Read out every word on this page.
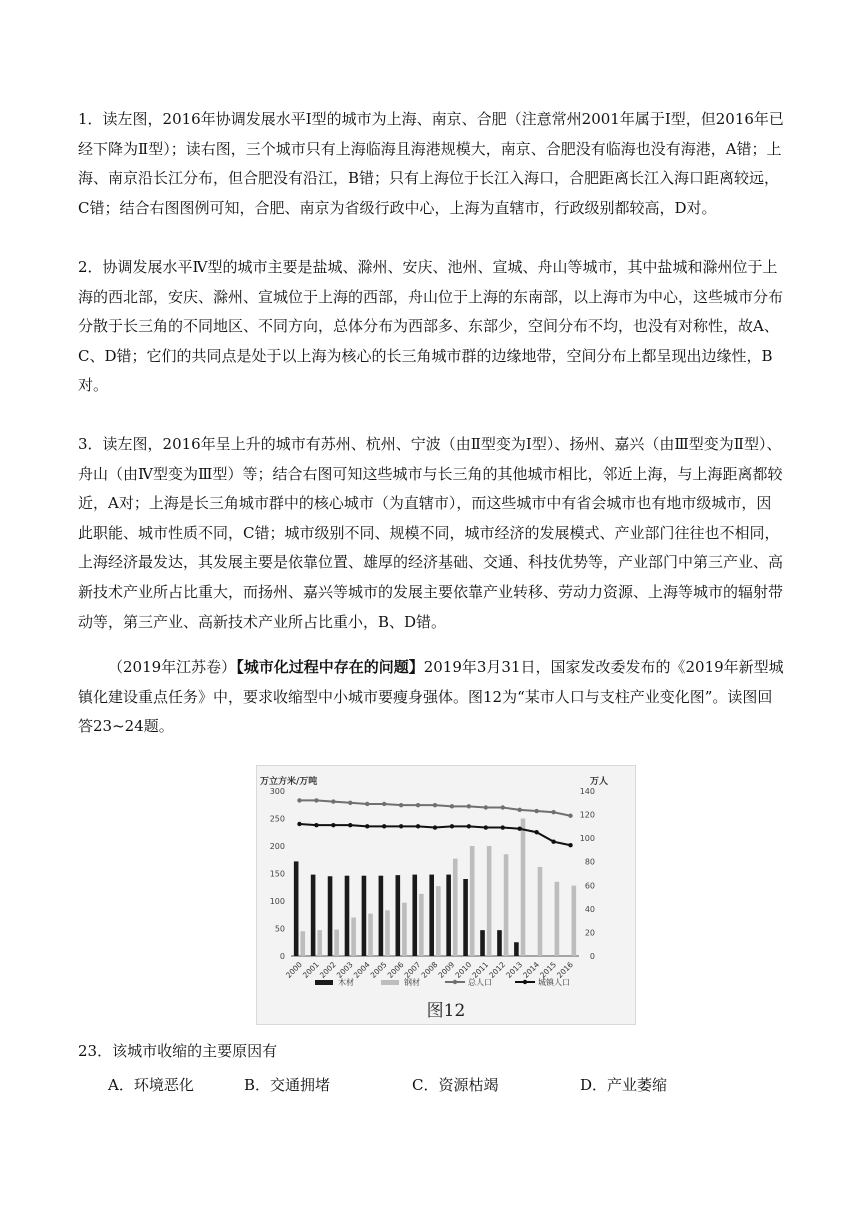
1．读左图，2016年协调发展水平Ⅰ型的城市为上海、南京、合肥（注意常州2001年属于Ⅰ型，但2016年已经下降为Ⅱ型）；读右图，三个城市只有上海临海且海港规模大，南京、合肥没有临海也没有海港，A错；上海、南京沿长江分布，但合肥没有沿江，B错；只有上海位于长江入海口，合肥距离长江入海口距离较远，C错；结合右图图例可知，合肥、南京为省级行政中心，上海为直辖市，行政级别都较高，D对。
2．协调发展水平Ⅳ型的城市主要是盐城、滁州、安庆、池州、宣城、舟山等城市，其中盐城和滁州位于上海的西北部，安庆、滁州、宣城位于上海的西部，舟山位于上海的东南部，以上海市为中心，这些城市分布分散于长三角的不同地区、不同方向，总体分布为西部多、东部少，空间分布不均，也没有对称性，故A、C、D错；它们的共同点是处于以上海为核心的长三角城市群的边缘地带，空间分布上都呈现出边缘性，B对。
3．读左图，2016年呈上升的城市有苏州、杭州、宁波（由Ⅱ型变为Ⅰ型）、扬州、嘉兴（由Ⅲ型变为Ⅱ型）、舟山（由Ⅳ型变为Ⅲ型）等；结合右图可知这些城市与长三角的其他城市相比，邻近上海，与上海距离都较近，A对；上海是长三角城市群中的核心城市（为直辖市），而这些城市中有省会城市也有地市级城市，因此职能、城市性质不同，C错；城市级别不同、规模不同，城市经济的发展模式、产业部门往往也不相同，上海经济最发达，其发展主要是依靠位置、雄厚的经济基础、交通、科技优势等，产业部门中第三产业、高新技术产业所占比重大，而扬州、嘉兴等城市的发展主要依靠产业转移、劳动力资源、上海等城市的辐射带动等，第三产业、高新技术产业所占比重小，B、D错。
（2019年江苏卷）【城市化过程中存在的问题】2019年3月31日，国家发改委发布的《2019年新型城镇化建设重点任务》中，要求收缩型中小城市要瘦身强体。图12为“某市人口与支柱产业变化图”。读图回答23~24题。
万立方米/万吨	万人
0
50
100
150
200
250
300
0
20
40
60
80
100
120
140
2000
2001
2002
2003
2004
2005
2006
2007
2008
2009
2010
2011
2012
2013
2014
2015
2016
木材	钢材	总人口	城镇人口
图12
23．该城市收缩的主要原因有
A．环境恶化	B．交通拥堵	C．资源枯竭	D．产业萎缩
